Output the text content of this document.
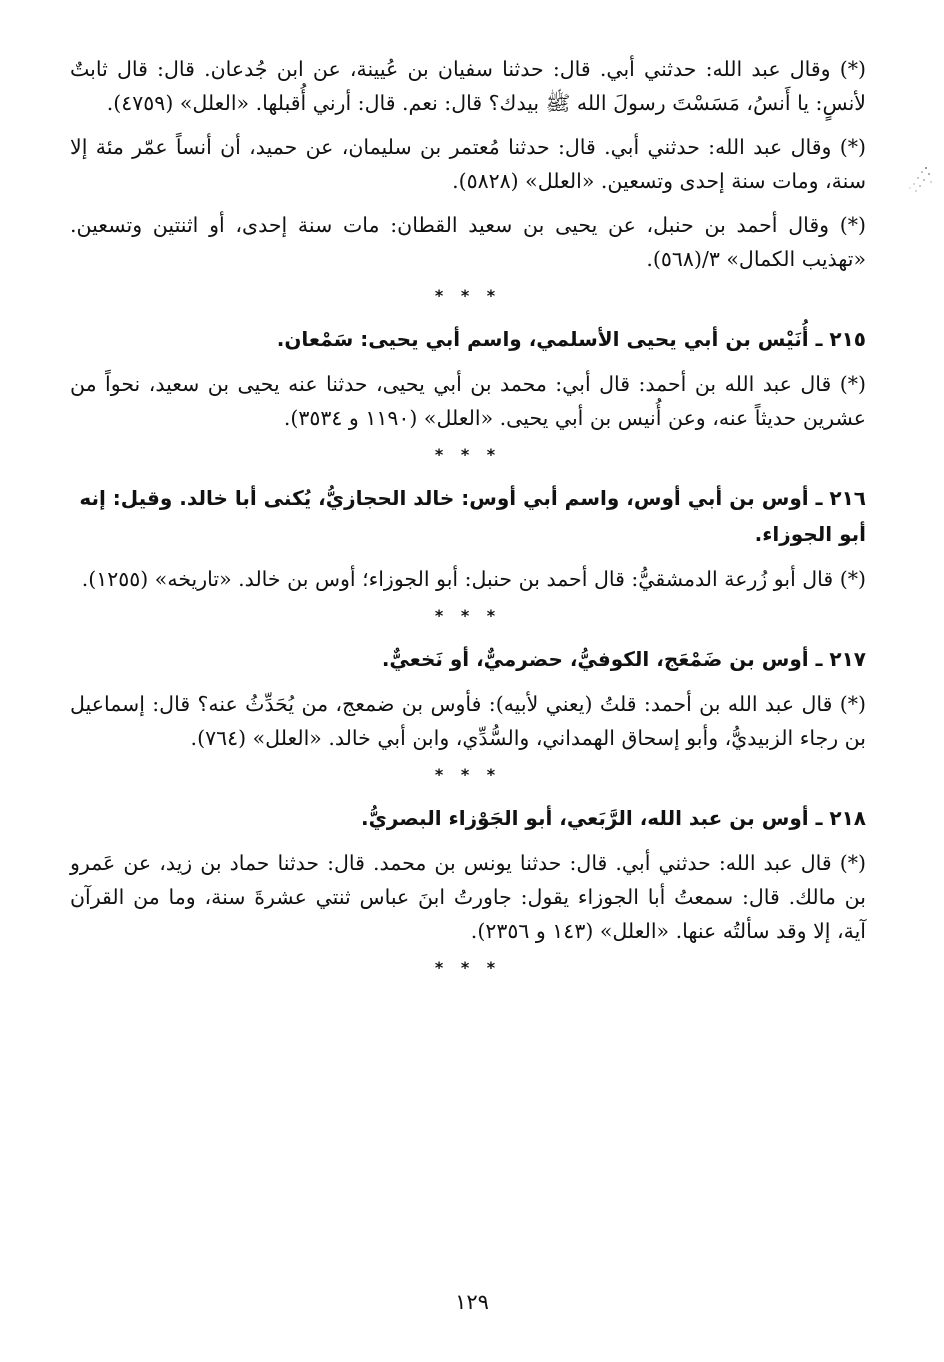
(*) وقال عبد الله: حدثني أبي. قال: حدثنا سفيان بن عُيينة، عن ابن جُدعان. قال: قال ثابتٌ لأنسٍ: يا أَنسُ، مَسَسْتَ رسولَ الله ﷺ بيدك؟ قال: نعم. قال: أرني أُقبلها. «العلل» (٤٧٥٩).

(*) وقال عبد الله: حدثني أبي. قال: حدثنا مُعتمر بن سليمان، عن حميد، أن أنساً عمّر مئة إلا سنة، ومات سنة إحدى وتسعين. «العلل» (٥٨٢٨).

(*) وقال أحمد بن حنبل، عن يحيى بن سعيد القطان: مات سنة إحدى، أو اثنتين وتسعين. «تهذيب الكمال» ٣/(٥٦٨).

* * *

٢١٥ ـ أُنَيْس بن أبي يحيى الأسلمي، واسم أبي يحيى: سَمْعان.

(*) قال عبد الله بن أحمد: قال أبي: محمد بن أبي يحيى، حدثنا عنه يحيى بن سعيد، نحواً من عشرين حديثاً عنه، وعن أُنيس بن أبي يحيى. «العلل» (١١٩٠ و ٣٥٣٤).

* * *

٢١٦ ـ أوس بن أبي أوس، واسم أبي أوس: خالد الحجازيُّ، يُكنى أبا خالد. وقيل: إنه أبو الجوزاء.

(*) قال أبو زُرعة الدمشقيُّ: قال أحمد بن حنبل: أبو الجوزاء؛ أوس بن خالد. «تاريخه» (١٢٥٥).

* * *

٢١٧ ـ أوس بن ضَمْعَج، الكوفيُّ، حضرميٌّ، أو نَخعيٌّ.

(*) قال عبد الله بن أحمد: قلتُ (يعني لأبيه): فأوس بن ضمعج، من يُحَدِّثُ عنه؟ قال: إسماعيل بن رجاء الزبيديُّ، وأبو إسحاق الهمداني، والسُّدِّي، وابن أبي خالد. «العلل» (٧٦٤).

* * *

٢١٨ ـ أوس بن عبد الله، الرَّبَعي، أبو الجَوْزاء البصريُّ.

(*) قال عبد الله: حدثني أبي. قال: حدثنا يونس بن محمد. قال: حدثنا حماد بن زيد، عن عَمرو بن مالك. قال: سمعتُ أبا الجوزاء يقول: جاورتُ ابنَ عباس ثنتي عشرةَ سنة، وما من القرآن آية، إلا وقد سألتُه عنها. «العلل» (١٤٣ و ٢٣٥٦).

* * *
١٢٩
